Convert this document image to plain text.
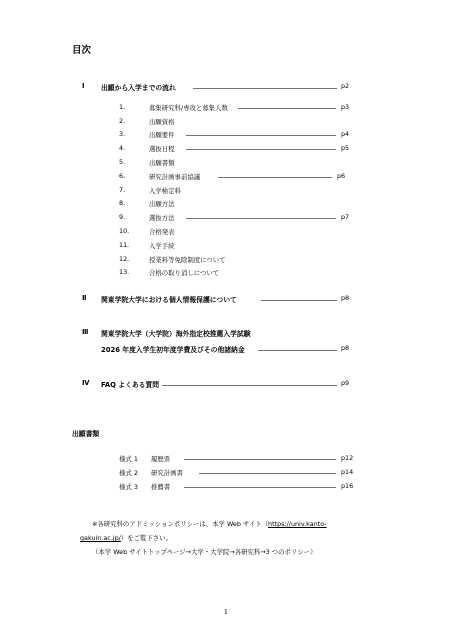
目次
Ⅰ 出願から入学までの流れ	p2
1.	募集研究科/専攻と募集人数	p3
2.	出願資格
3.	出願要件	p4
4.	選抜日程	p5
5.	出願書類
6.	研究計画事前協議	p6
7.	入学検定料
8.	出願方法
9.	選抜方法	p7
10.	合格発表
11.	入学手続
12.	授業料等免除制度について
13.	合格の取り消しについて
Ⅱ 関東学院大学における個人情報保護について	p8
Ⅲ 関東学院大学（大学院）海外指定校推薦入学試験
2026 年度入学生初年度学費及びその他諸納金	p8
Ⅳ FAQ よくある質問	p9
出願書類
様式 1 履歴票	p12
様式 2 研究計画書	p14
様式 3 推薦書	p16
※各研究科のアドミッションポリシーは、本学 Web サイト（https://univ.kanto-
gakuin.ac.jp/）をご覧下さい。
（本学 Web サイトトップページ→大学・大学院→各研究科→3 つのポリシー）
1
